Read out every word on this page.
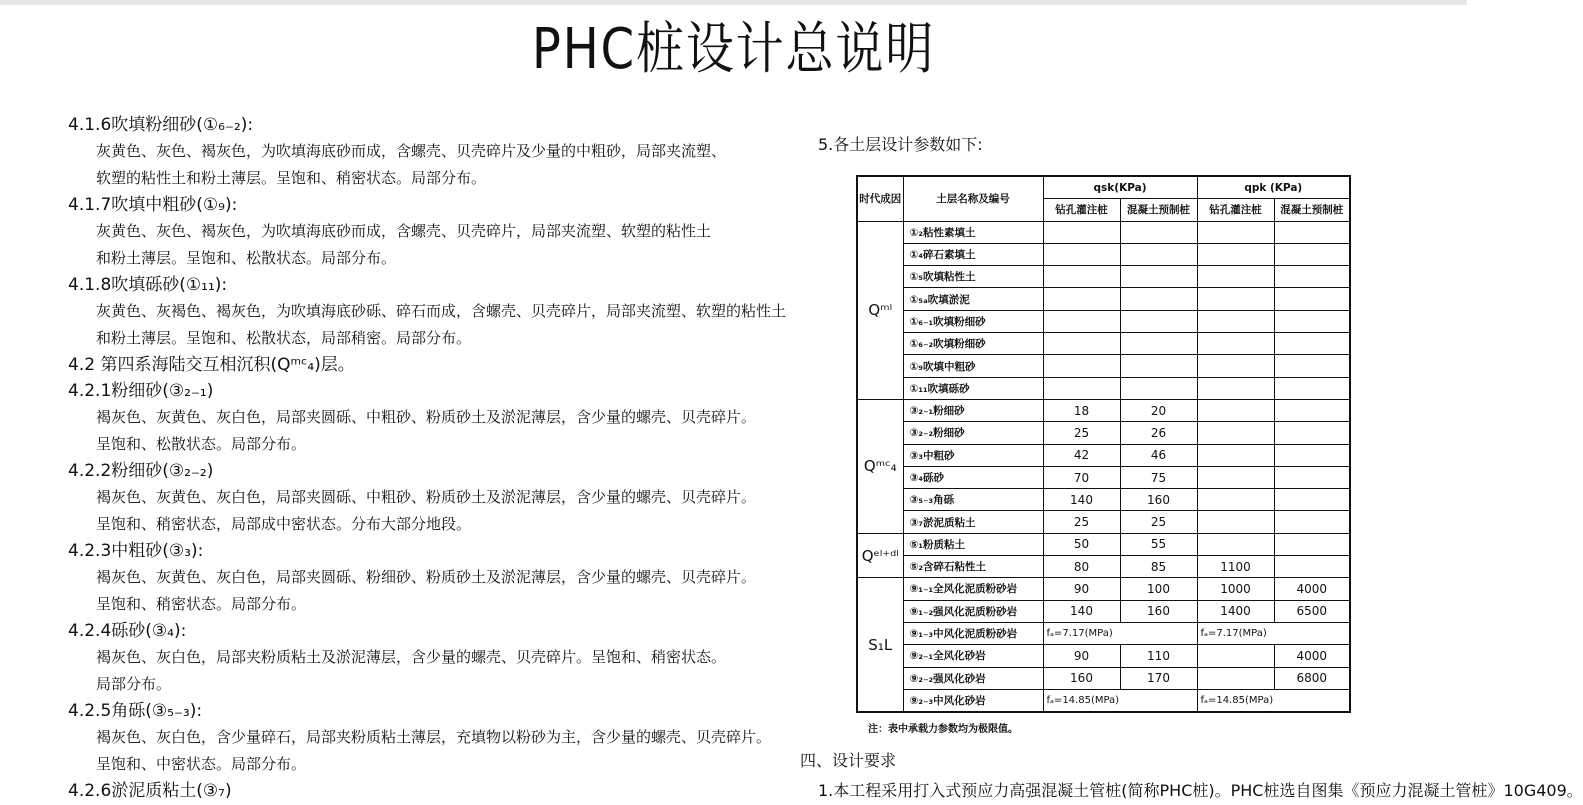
PHC桩设计总说明
4.1.6吹填粉细砂(①₆₋₂):
灰黄色、灰色、褐灰色，为吹填海底砂而成，含螺壳、贝壳碎片及少量的中粗砂，局部夹流塑、
软塑的粘性土和粉土薄层。呈饱和、稍密状态。局部分布。
4.1.7吹填中粗砂(①₉):
灰黄色、灰色、褐灰色，为吹填海底砂而成，含螺壳、贝壳碎片，局部夹流塑、软塑的粘性土
和粉土薄层。呈饱和、松散状态。局部分布。
4.1.8吹填砾砂(①₁₁):
灰黄色、灰褐色、褐灰色，为吹填海底砂砾、碎石而成，含螺壳、贝壳碎片，局部夹流塑、软塑的粘性土
和粉土薄层。呈饱和、松散状态，局部稍密。局部分布。
4.2 第四系海陆交互相沉积(Qᵐᶜ₄)层。
4.2.1粉细砂(③₂₋₁)
褐灰色、灰黄色、灰白色，局部夹圆砾、中粗砂、粉质砂土及淤泥薄层，含少量的螺壳、贝壳碎片。
呈饱和、松散状态。局部分布。
4.2.2粉细砂(③₂₋₂)
褐灰色、灰黄色、灰白色，局部夹圆砾、中粗砂、粉质砂土及淤泥薄层，含少量的螺壳、贝壳碎片。
呈饱和、稍密状态，局部成中密状态。分布大部分地段。
4.2.3中粗砂(③₃):
褐灰色、灰黄色、灰白色，局部夹圆砾、粉细砂、粉质砂土及淤泥薄层，含少量的螺壳、贝壳碎片。
呈饱和、稍密状态。局部分布。
4.2.4砾砂(③₄):
褐灰色、灰白色，局部夹粉质粘土及淤泥薄层，含少量的螺壳、贝壳碎片。呈饱和、稍密状态。
局部分布。
4.2.5角砾(③₅₋₃):
褐灰色、灰白色，含少量碎石，局部夹粉质粘土薄层，充填物以粉砂为主，含少量的螺壳、贝壳碎片。
呈饱和、中密状态。局部分布。
4.2.6淤泥质粘土(③₇)
5.各土层设计参数如下:
时代成因	土层名称及编号	qsk(KPa)		qpk (KPa)	
		钻孔灌注桩	混凝土预制桩	钻孔灌注桩	混凝土预制桩
Qᵐˡ	①₂粘性素填土				
	①₄碎石素填土				
	①₅吹填粘性土				
	①₅ₐ吹填淤泥				
	①₆₋₁吹填粉细砂				
	①₆₋₂吹填粉细砂				
	①₉吹填中粗砂				
	①₁₁吹填砾砂				
Qᵐᶜ₄	③₂₋₁粉细砂	18	20		
	③₂₋₂粉细砂	25	26		
	③₃中粗砂	42	46		
	③₄砾砂	70	75		
	③₅₋₃角砾	140	160		
	③₇淤泥质粘土	25	25		
Qᵉˡ⁺ᵈˡ	⑤₁粉质粘土	50	55		
	⑤₂含碎石粘性土	80	85	1100	
S₁L	⑨₁₋₁全风化泥质粉砂岩	90	100	1000	4000
	⑨₁₋₂强风化泥质粉砂岩	140	160	1400	6500
	⑨₁₋₃中风化泥质粉砂岩	fₐ=7.17(MPa)		fₐ=7.17(MPa)	
	⑨₂₋₁全风化砂岩	90	110		4000
	⑨₂₋₂强风化砂岩	160	170		6800
	⑨₂₋₃中风化砂岩	fₐ=14.85(MPa)		fₐ=14.85(MPa)	
注：表中承载力参数均为极限值。
四、设计要求
1.本工程采用打入式预应力高强混凝土管桩(简称PHC桩)。PHC桩选自图集《预应力混凝土管桩》10G409。
